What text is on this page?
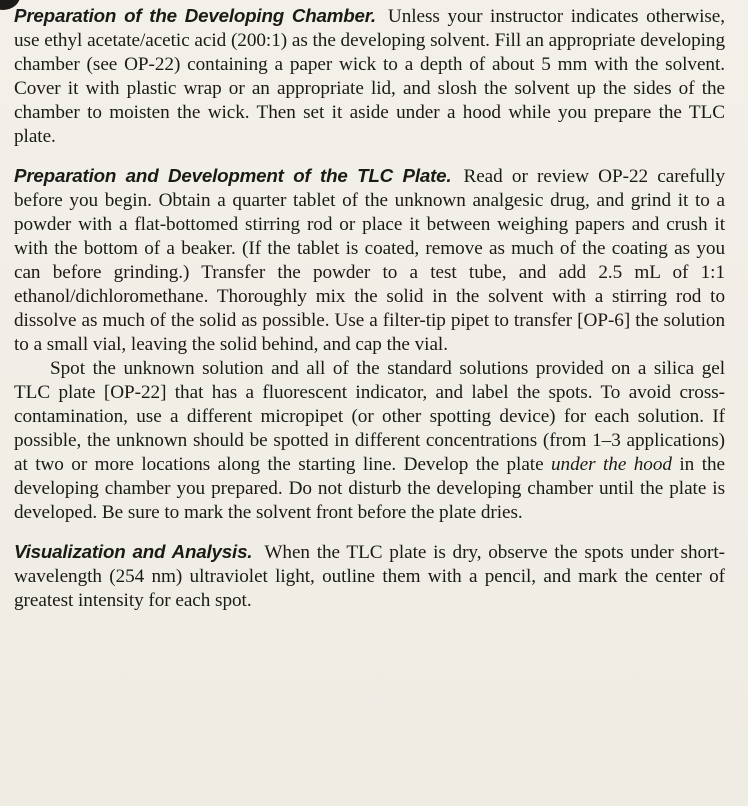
Preparation of the Developing Chamber. Unless your instructor indicates otherwise, use ethyl acetate/acetic acid (200:1) as the developing solvent. Fill an appropriate developing chamber (see OP-22) containing a paper wick to a depth of about 5 mm with the solvent. Cover it with plastic wrap or an appropriate lid, and slosh the solvent up the sides of the chamber to moisten the wick. Then set it aside under a hood while you prepare the TLC plate.

Preparation and Development of the TLC Plate. Read or review OP-22 carefully before you begin. Obtain a quarter tablet of the unknown analgesic drug, and grind it to a powder with a flat-bottomed stirring rod or place it between weighing papers and crush it with the bottom of a beaker. (If the tablet is coated, remove as much of the coating as you can before grinding.) Transfer the powder to a test tube, and add 2.5 mL of 1:1 ethanol/dichloromethane. Thoroughly mix the solid in the solvent with a stirring rod to dissolve as much of the solid as possible. Use a filter-tip pipet to transfer [OP-6] the solution to a small vial, leaving the solid behind, and cap the vial.

Spot the unknown solution and all of the standard solutions provided on a silica gel TLC plate [OP-22] that has a fluorescent indicator, and label the spots. To avoid cross-contamination, use a different micropipet (or other spotting device) for each solution. If possible, the unknown should be spotted in different concentrations (from 1–3 applications) at two or more locations along the starting line. Develop the plate under the hood in the developing chamber you prepared. Do not disturb the developing chamber until the plate is developed. Be sure to mark the solvent front before the plate dries.

Visualization and Analysis. When the TLC plate is dry, observe the spots under short-wavelength (254 nm) ultraviolet light, outline them with a pencil, and mark the center of greatest intensity for each spot.
